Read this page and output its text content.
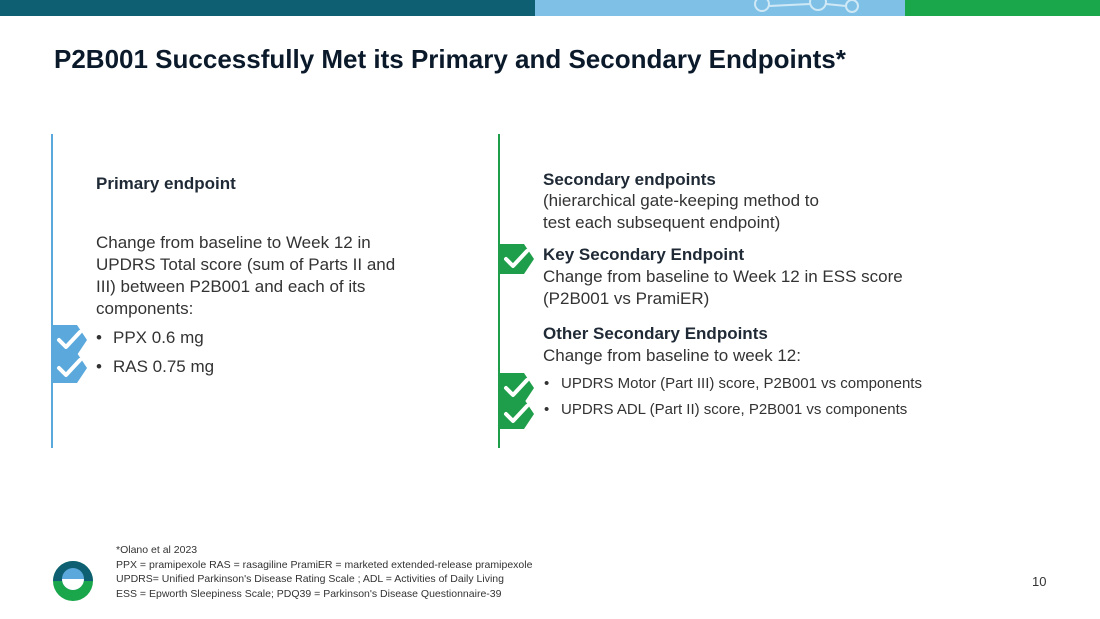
P2B001 Successfully Met its Primary and Secondary Endpoints*

Primary endpoint

Change from baseline to Week 12 in
UPDRS Total score (sum of Parts II and
III) between P2B001 and each of its
components:
• PPX 0.6 mg
• RAS 0.75 mg

Secondary endpoints

(hierarchical gate-keeping method to
test each subsequent endpoint)

Key Secondary Endpoint

Change from baseline to Week 12 in ESS score
(P2B001 vs PramiER)

Other Secondary Endpoints

Change from baseline to week 12:

• UPDRS Motor (Part III) score, P2B001 vs components
• UPDRS ADL (Part II) score, P2B001 vs components
*Olano et al 2023
PPX = pramipexole RAS = rasagiline PramiER = marketed extended-release pramipexole
UPDRS= Unified Parkinson's Disease Rating Scale ; ADL = Activities of Daily Living
ESS = Epworth Sleepiness Scale; PDQ39 = Parkinson's Disease Questionnaire-39
10
